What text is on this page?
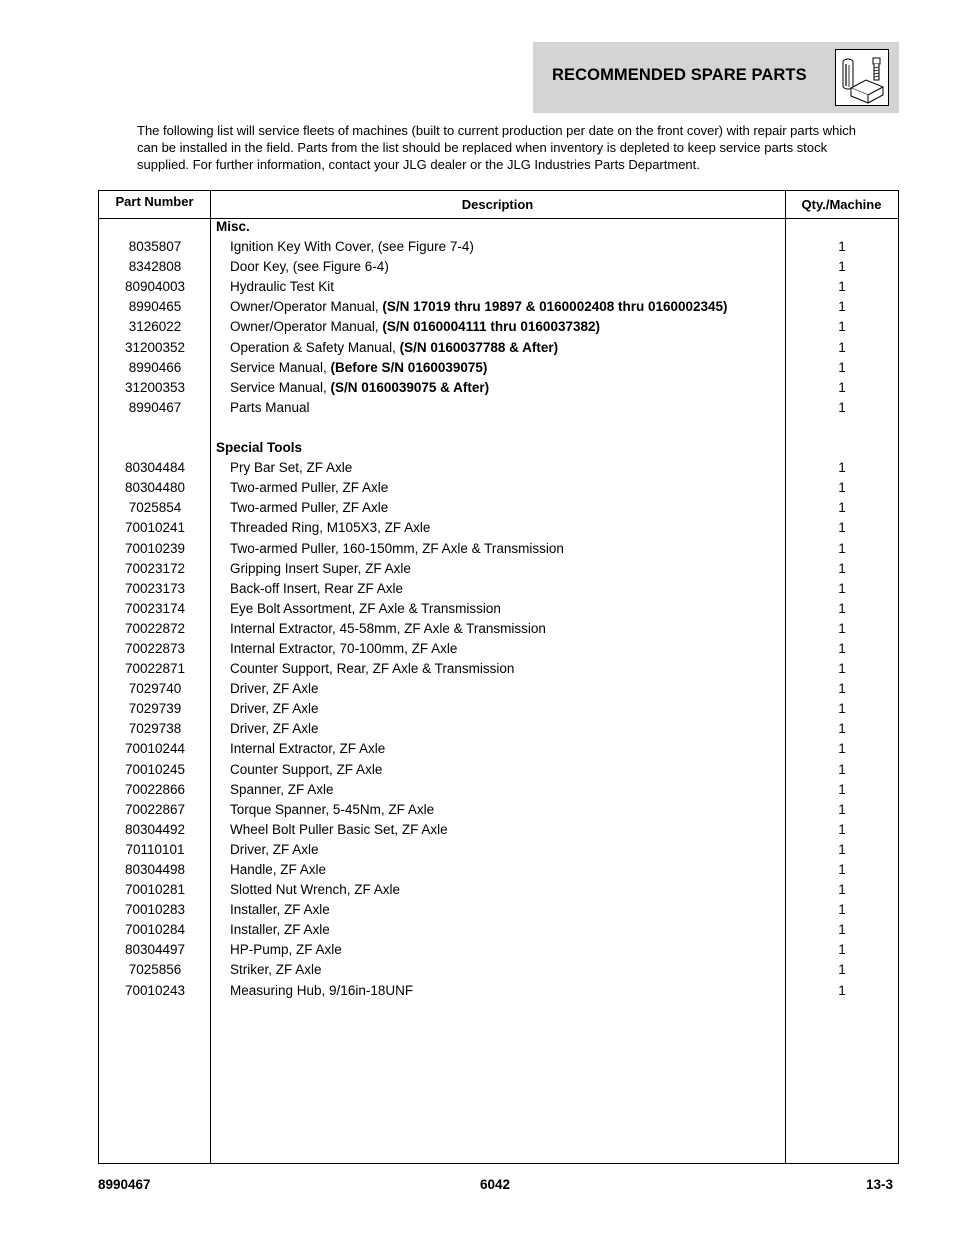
RECOMMENDED SPARE PARTS
The following list will service fleets of machines (built to current production per date on the front cover) with repair parts which can be installed in the field. Parts from the list should be replaced when inventory is depleted to keep service parts stock supplied. For further information, contact your JLG dealer or the JLG Industries Parts Department.
Part Number	Description	Qty./Machine
Misc.
8035807	Ignition Key With Cover, (see Figure 7-4)	1
8342808	Door Key, (see Figure 6-4)	1
80904003	Hydraulic Test Kit	1
8990465	Owner/Operator Manual, (S/N 17019 thru 19897 & 0160002408 thru 0160002345)	1
3126022	Owner/Operator Manual, (S/N 0160004111 thru 0160037382)	1
31200352	Operation & Safety Manual, (S/N 0160037788 & After)	1
8990466	Service Manual, (Before S/N 0160039075)	1
31200353	Service Manual, (S/N 0160039075 & After)	1
8990467	Parts Manual	1
Special Tools
80304484	Pry Bar Set, ZF Axle	1
80304480	Two-armed Puller, ZF Axle	1
7025854	Two-armed Puller, ZF Axle	1
70010241	Threaded Ring, M105X3, ZF Axle	1
70010239	Two-armed Puller, 160-150mm, ZF Axle & Transmission	1
70023172	Gripping Insert Super, ZF Axle	1
70023173	Back-off Insert, Rear ZF Axle	1
70023174	Eye Bolt Assortment, ZF Axle & Transmission	1
70022872	Internal Extractor, 45-58mm, ZF Axle & Transmission	1
70022873	Internal Extractor, 70-100mm, ZF Axle	1
70022871	Counter Support, Rear, ZF Axle & Transmission	1
7029740	Driver, ZF Axle	1
7029739	Driver, ZF Axle	1
7029738	Driver, ZF Axle	1
70010244	Internal Extractor, ZF Axle	1
70010245	Counter Support, ZF Axle	1
70022866	Spanner, ZF Axle	1
70022867	Torque Spanner, 5-45Nm, ZF Axle	1
80304492	Wheel Bolt Puller Basic Set, ZF Axle	1
70110101	Driver, ZF Axle	1
80304498	Handle, ZF Axle	1
70010281	Slotted Nut Wrench, ZF Axle	1
70010283	Installer, ZF Axle	1
70010284	Installer, ZF Axle	1
80304497	HP-Pump, ZF Axle	1
7025856	Striker, ZF Axle	1
70010243	Measuring Hub, 9/16in-18UNF	1
8990467	6042	13-3
